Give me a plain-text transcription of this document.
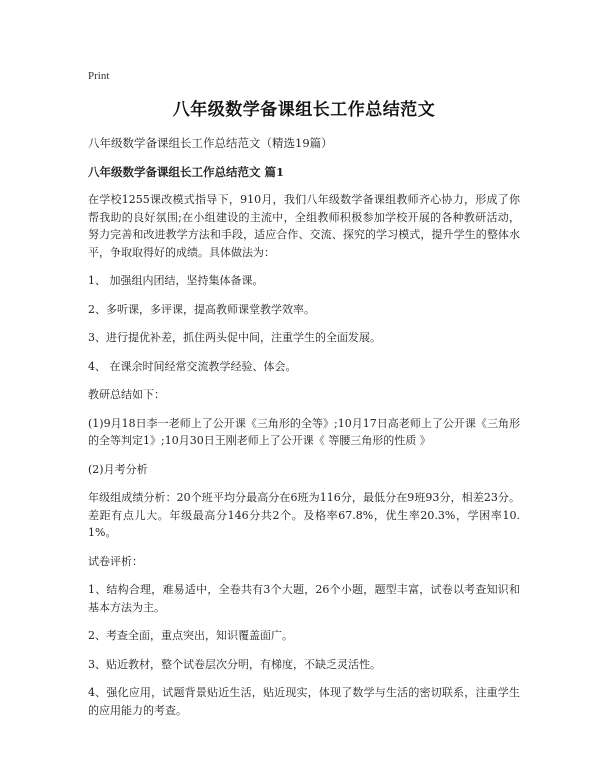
Print
八年级数学备课组长工作总结范文
八年级数学备课组长工作总结范文（精选19篇）
八年级数学备课组长工作总结范文 篇1

在学校1255课改模式指导下，910月，我们八年级数学备课组教师齐心协力，形成了你帮我助的良好氛围;在小组建设的主流中，全组教师积极参加学校开展的各种教研活动，努力完善和改进教学方法和手段，适应合作、交流、探究的学习模式，提升学生的整体水平，争取取得好的成绩。具体做法为：

1、 加强组内团结，坚持集体备课。

2、多听课，多评课，提高教师课堂教学效率。

3、进行提优补差，抓住两头促中间，注重学生的全面发展。

4、 在课余时间经常交流教学经验、体会。

教研总结如下：

(1)9月18日李一老师上了公开课《三角形的全等》;10月17日高老师上了公开课《三角形的全等判定1》;10月30日王刚老师上了公开课《 等腰三角形的性质 》

(2)月考分析

年级组成绩分析：20个班平均分最高分在6班为116分，最低分在9班93分，相差23分。差距有点儿大。年级最高分146分共2个。及格率67.8%，优生率20.3%，学困率10.1%。

试卷评析：

1、结构合理，难易适中，全卷共有3个大题，26个小题，题型丰富，试卷以考查知识和基本方法为主。

2、考查全面，重点突出，知识覆盖面广。

3、贴近教材，整个试卷层次分明，有梯度，不缺乏灵活性。

4、强化应用，试题背景贴近生活，贴近现实，体现了数学与生活的密切联系，注重学生的应用能力的考查。
